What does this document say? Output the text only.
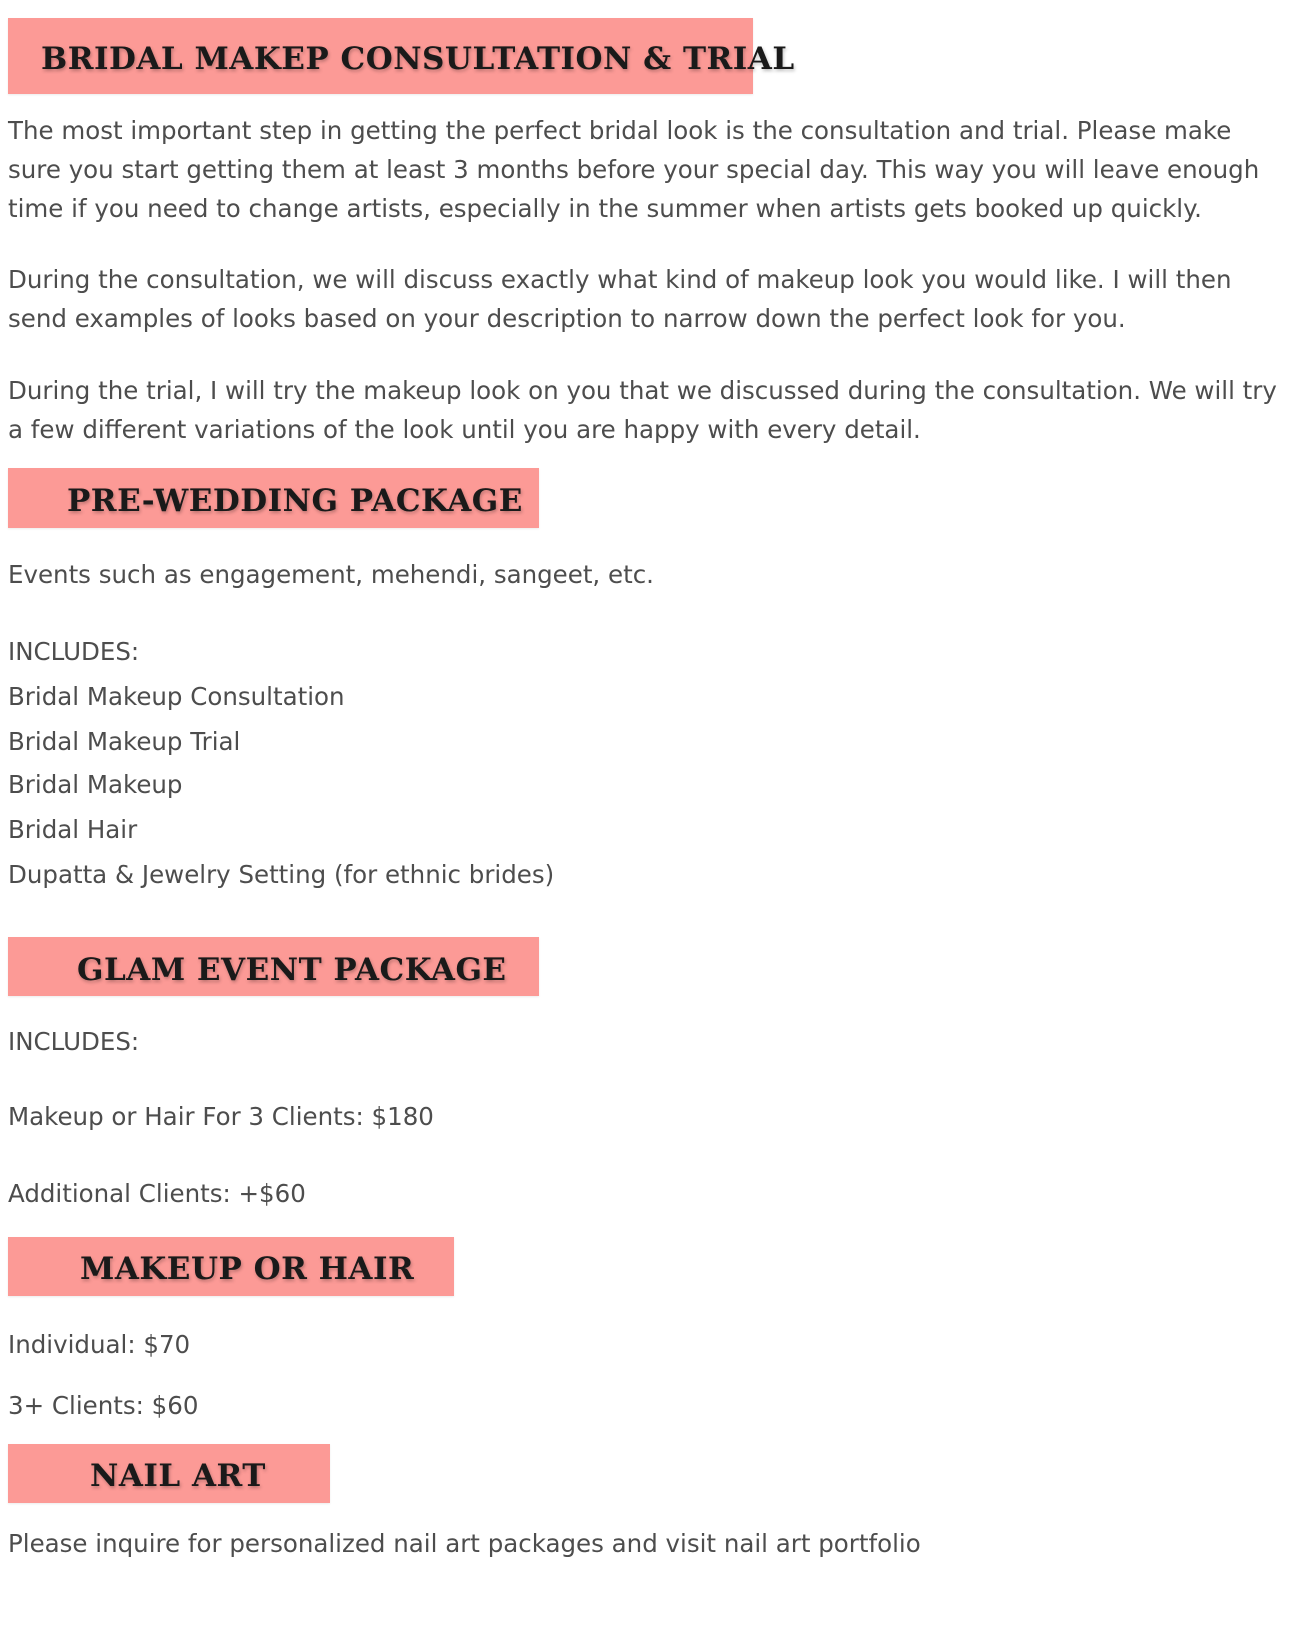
BRIDAL MAKEP CONSULTATION & TRIAL
The most important step in getting the perfect bridal look is the consultation and trial. Please make
sure you start getting them at least 3 months before your special day. This way you will leave enough
time if you need to change artists, especially in the summer when artists gets booked up quickly.
During the consultation, we will discuss exactly what kind of makeup look you would like. I will then
send examples of looks based on your description to narrow down the perfect look for you.
During the trial, I will try the makeup look on you that we discussed during the consultation. We will try
a few different variations of the look until you are happy with every detail.
PRE-WEDDING PACKAGE
Events such as engagement, mehendi, sangeet, etc.
INCLUDES:
Bridal Makeup Consultation
Bridal Makeup Trial
Bridal Makeup
Bridal Hair
Dupatta & Jewelry Setting (for ethnic brides)
GLAM EVENT PACKAGE
INCLUDES:
Makeup or Hair For 3 Clients: $180
Additional Clients: +$60
MAKEUP OR HAIR
Individual: $70
3+ Clients: $60
NAIL ART
Please inquire for personalized nail art packages and visit nail art portfolio
